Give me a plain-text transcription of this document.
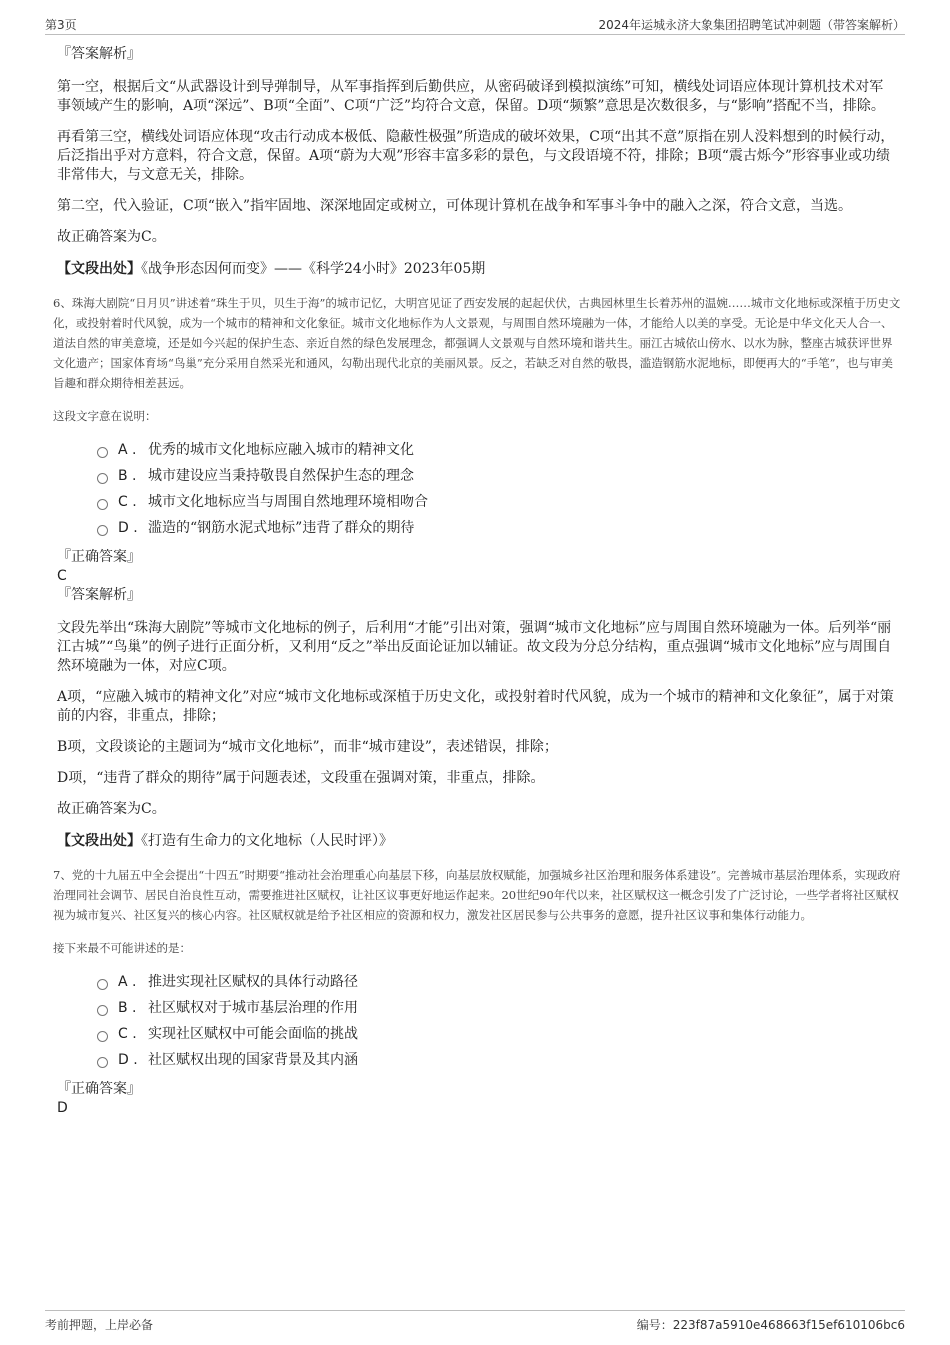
第3页	2024年运城永济大象集团招聘笔试冲刺题（带答案解析）
『答案解析』

第一空，根据后文“从武器设计到导弹制导，从军事指挥到后勤供应，从密码破译到模拟演练”可知，横线处词语应体现计算机技术对军事领域产生的影响，A项“深远”、B项“全面”、C项“广泛”均符合文意，保留。D项“频繁”意思是次数很多，与“影响”搭配不当，排除。

再看第三空，横线处词语应体现“攻击行动成本极低、隐蔽性极强”所造成的破坏效果，C项“出其不意”原指在别人没料想到的时候行动，后泛指出乎对方意料，符合文意，保留。A项“蔚为大观”形容丰富多彩的景色，与文段语境不符，排除；B项“震古烁今”形容事业或功绩非常伟大，与文意无关，排除。

第二空，代入验证，C项“嵌入”指牢固地、深深地固定或树立，可体现计算机在战争和军事斗争中的融入之深，符合文意，当选。

故正确答案为C。

【文段出处】《战争形态因何而变》——《科学24小时》2023年05期

6、珠海大剧院“日月贝”讲述着“珠生于贝，贝生于海”的城市记忆，大明宫见证了西安发展的起起伏伏，古典园林里生长着苏州的温婉……城市文化地标或深植于历史文化，或投射着时代风貌，成为一个城市的精神和文化象征。城市文化地标作为人文景观，与周围自然环境融为一体，才能给人以美的享受。无论是中华文化天人合一、道法自然的审美意境，还是如今兴起的保护生态、亲近自然的绿色发展理念，都强调人文景观与自然环境和谐共生。丽江古城依山傍水、以水为脉，整座古城获评世界文化遗产；国家体育场“鸟巢”充分采用自然采光和通风，勾勒出现代北京的美丽风景。反之，若缺乏对自然的敬畏，滥造钢筋水泥地标，即便再大的“手笔”，也与审美旨趣和群众期待相差甚远。

这段文字意在说明：

A . 优秀的城市文化地标应融入城市的精神文化
B . 城市建设应当秉持敬畏自然保护生态的理念
C . 城市文化地标应当与周围自然地理环境相吻合
D . 滥造的“钢筋水泥式地标”违背了群众的期待
『正确答案』
C
『答案解析』

文段先举出“珠海大剧院”等城市文化地标的例子，后利用“才能”引出对策，强调“城市文化地标”应与周围自然环境融为一体。后列举“丽江古城”“鸟巢”的例子进行正面分析，又利用“反之”举出反面论证加以辅证。故文段为分总分结构，重点强调“城市文化地标”应与周围自然环境融为一体，对应C项。

A项，“应融入城市的精神文化”对应“城市文化地标或深植于历史文化，或投射着时代风貌，成为一个城市的精神和文化象征”，属于对策前的内容，非重点，排除；

B项，文段谈论的主题词为“城市文化地标”，而非“城市建设”，表述错误，排除；

D项，“违背了群众的期待”属于问题表述，文段重在强调对策，非重点，排除。

故正确答案为C。

【文段出处】《打造有生命力的文化地标（人民时评）》

7、党的十九届五中全会提出“十四五”时期要“推动社会治理重心向基层下移，向基层放权赋能，加强城乡社区治理和服务体系建设”。完善城市基层治理体系，实现政府治理同社会调节、居民自治良性互动，需要推进社区赋权，让社区议事更好地运作起来。20世纪90年代以来，社区赋权这一概念引发了广泛讨论，一些学者将社区赋权视为城市复兴、社区复兴的核心内容。社区赋权就是给予社区相应的资源和权力，激发社区居民参与公共事务的意愿，提升社区议事和集体行动能力。

接下来最不可能讲述的是：

A . 推进实现社区赋权的具体行动路径
B . 社区赋权对于城市基层治理的作用
C . 实现社区赋权中可能会面临的挑战
D . 社区赋权出现的国家背景及其内涵
『正确答案』
D
考前押题，上岸必备	编号：223f87a5910e468663f15ef610106bc6
